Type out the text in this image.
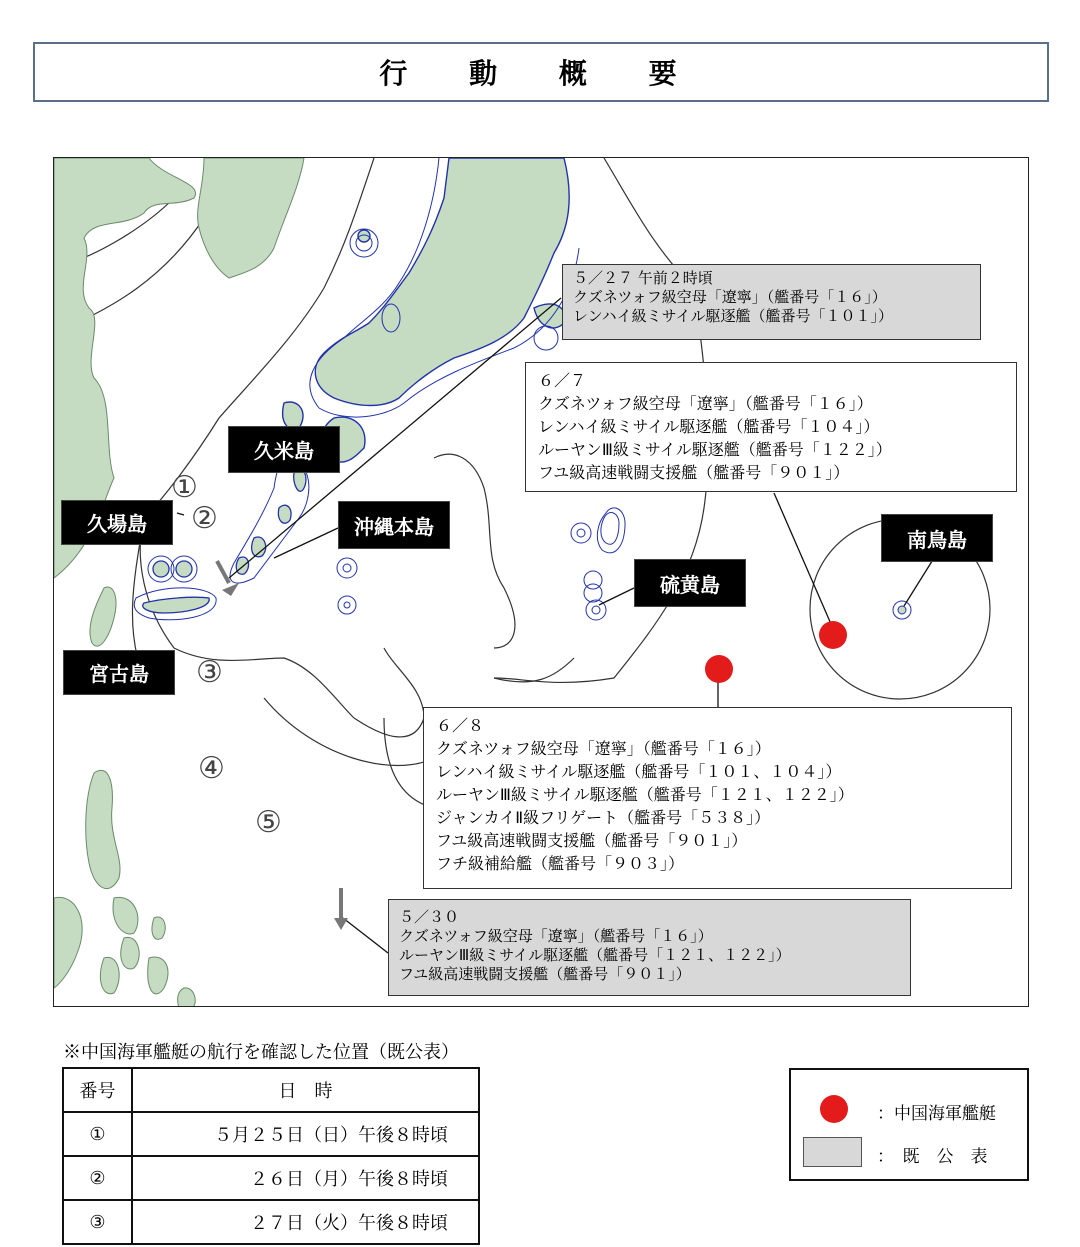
行 動 概 要
久米島
久場島	沖縄本島
宮古島
硫黄島
南鳥島
①
②
③
④
⑤
５／２７ 午前２時頃
クズネツォフ級空母「遼寧」（艦番号「１６」）
レンハイ級ミサイル駆逐艦（艦番号「１０１」）
６／７
クズネツォフ級空母「遼寧」（艦番号「１６」）
レンハイ級ミサイル駆逐艦（艦番号「１０４」）
ルーヤンⅢ級ミサイル駆逐艦（艦番号「１２２」）
フユ級高速戦闘支援艦（艦番号「９０１」）
６／８
クズネツォフ級空母「遼寧」（艦番号「１６」）
レンハイ級ミサイル駆逐艦（艦番号「１０１、１０４」）
ルーヤンⅢ級ミサイル駆逐艦（艦番号「１２１、１２２」）
ジャンカイⅡ級フリゲート（艦番号「５３８」）
フユ級高速戦闘支援艦（艦番号「９０１」）
フチ級補給艦（艦番号「９０３」）
５／３０
クズネツォフ級空母「遼寧」（艦番号「１６」）
ルーヤンⅢ級ミサイル駆逐艦（艦番号「１２１、１２２」）
フユ級高速戦闘支援艦（艦番号「９０１」）
※中国海軍艦艇の航行を確認した位置（既公表）
番号	日　時
①	５月２５日（日）午後８時頃
②	２６日（月）午後８時頃
③	２７日（火）午後８時頃
：中国海軍艦艇
：　既　公　表
